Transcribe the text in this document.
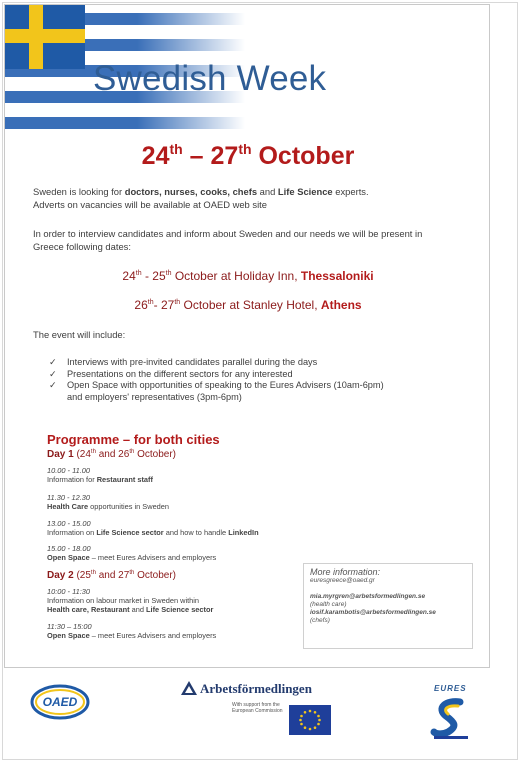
Swedish Week
24th – 27th October
Sweden is looking for doctors, nurses, cooks, chefs and Life Science experts.
Adverts on vacancies will be available at OAED web site
In order to interview candidates and inform about Sweden and our needs we will be present in
Greece following dates:
24th - 25th October at Holiday Inn, Thessaloniki
26th- 27th October at Stanley Hotel, Athens
The event will include:
✓	Interviews with pre-invited candidates parallel during the days
✓	Presentations on the different sectors for any interested
✓	Open Space with opportunities of speaking to the Eures Advisers (10am-6pm)
and employers' representatives (3pm-6pm)
Programme – for both cities
Day 1 (24th and 26th October)
10.00 - 11.00
Information for Restaurant staff
11.30 - 12.30
Health Care opportunities in Sweden
13.00 - 15.00
Information on Life Science sector and how to handle LinkedIn
15.00 - 18.00
Open Space – meet Eures Advisers and employers
Day 2 (25th and 27th October)
10:00 - 11:30
Information on labour market in Sweden within
Health care, Restaurant and Life Science sector
11:30 – 15:00
Open Space – meet Eures Advisers and employers
More information:
euresgreece@oaed.gr
mia.myrgren@arbetsformedlingen.se
(health care)
iosif.karambotis@arbetsformedlingen.se
(chefs)
OAED
Arbetsförmedlingen
With support from the European Commission
EURES
